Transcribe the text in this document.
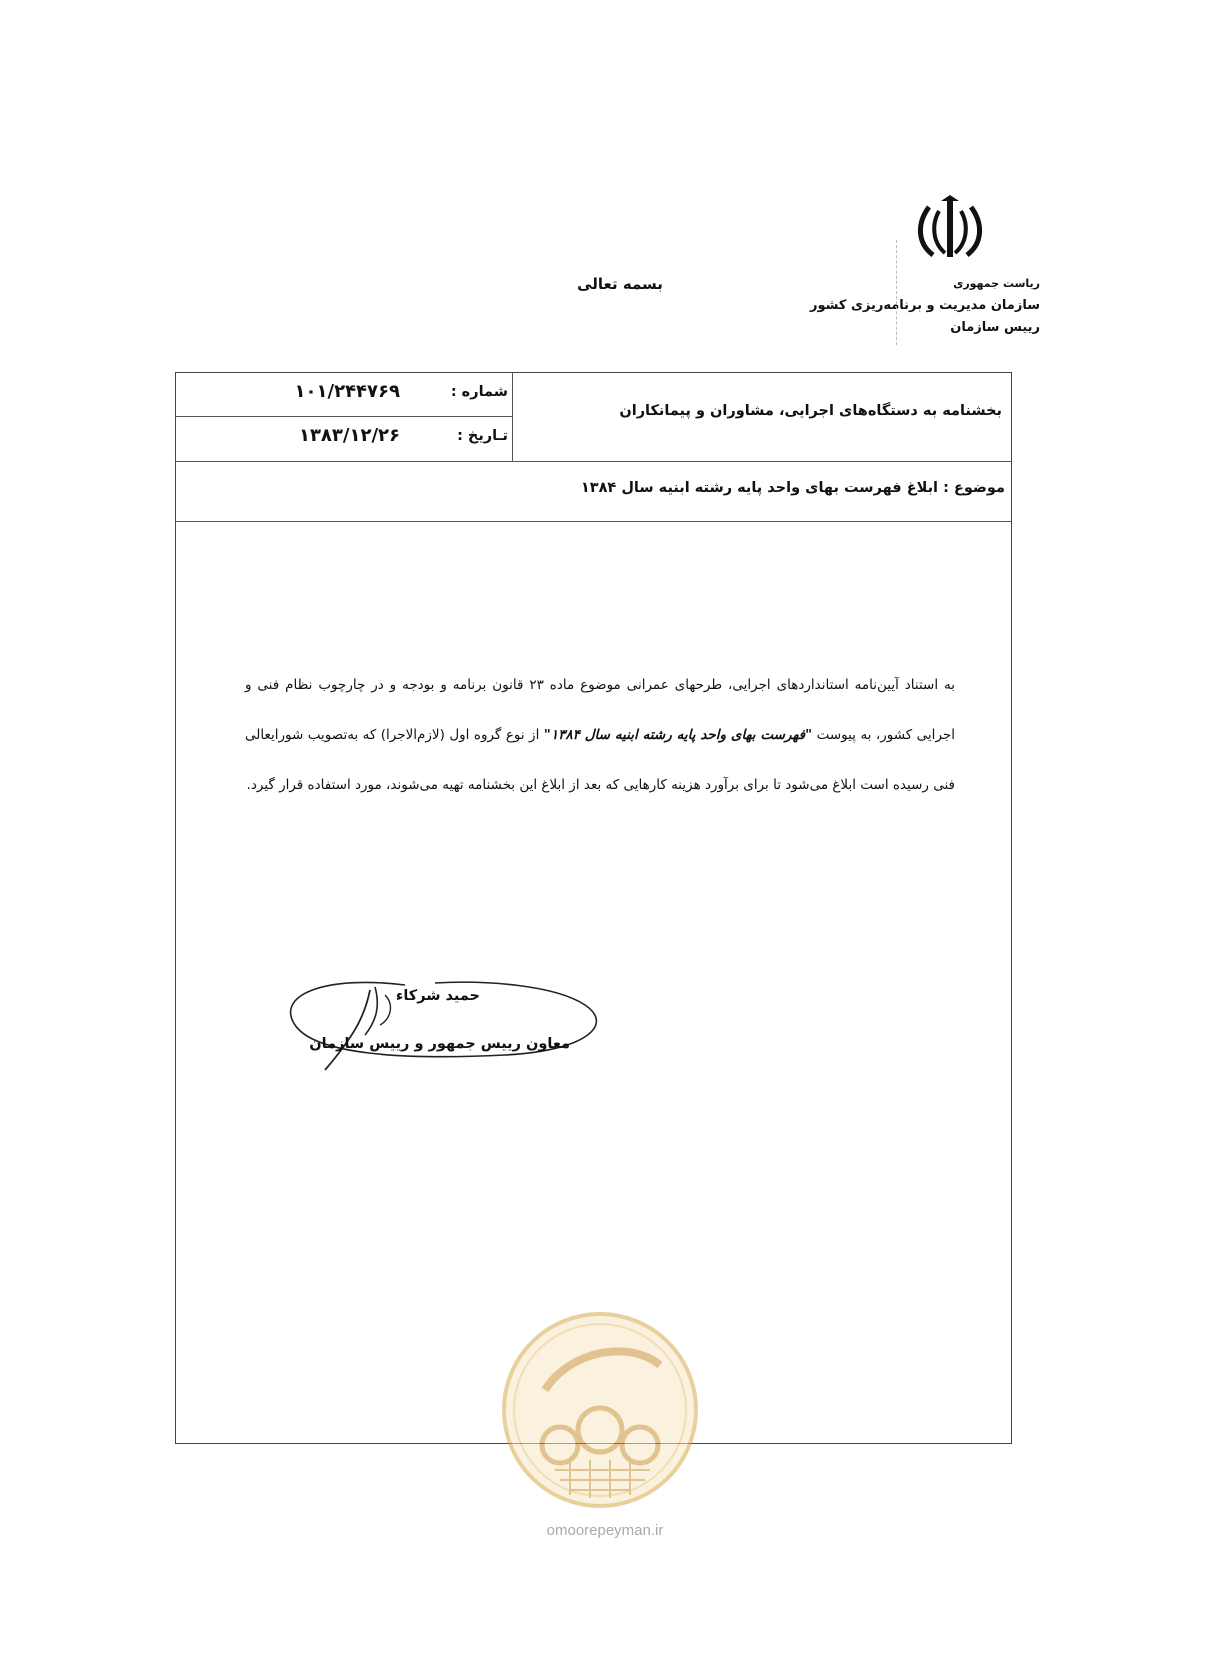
ریاست جمهوری
سازمان مدیریت و برنامه‌ریزی کشور
رییس سازمان
بسمه تعالی
بخشنامه به دستگاه‌های اجرایی، مشاوران و پیمانکاران
شماره :
۱۰۱/۲۴۴۷۶۹
تـاریخ :
۱۳۸۳/۱۲/۲۶
موضوع : ابلاغ فهرست بهای واحد پایه رشته ابنیه سال ۱۳۸۴
به استناد آیین‌نامه استانداردهای اجرایی، طرحهای عمرانی موضوع ماده ۲۳ قانون برنامه و بودجه و در چارچوب نظام فنی و اجرایی کشور، به پیوست "فهرست بهای واحد پایه رشته ابنیه سال ۱۳۸۴" از نوع گروه اول (لازم‌الاجرا) که به‌تصویب شورایعالی فنی رسیده است ابلاغ می‌شود تا برای برآورد هزینه کارهایی که بعد از ابلاغ این بخشنامه تهیه می‌شوند، مورد استفاده قرار گیرد.
حمید شرکاء
معاون رییس جمهور و رییس سازمان
omoorepeyman.ir
